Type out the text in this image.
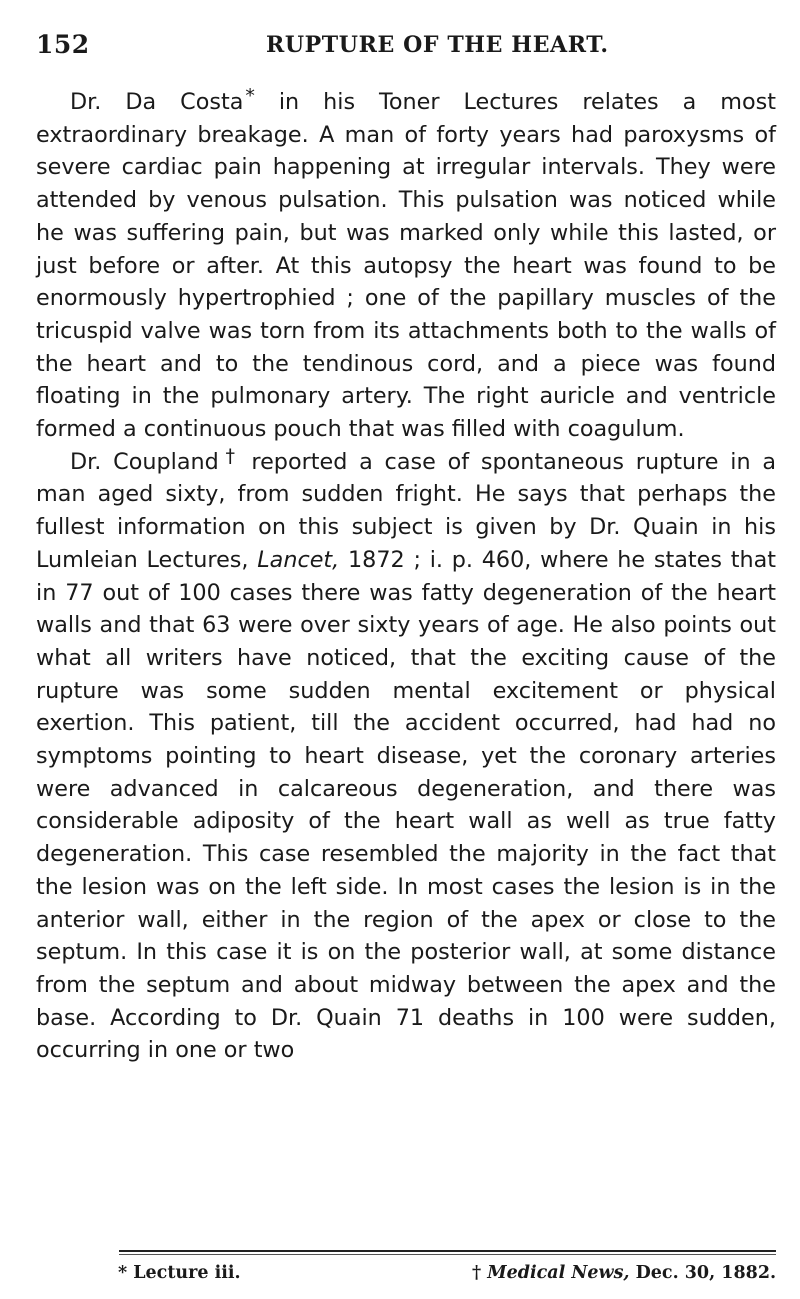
152	RUPTURE OF THE HEART.

Dr. Da Costa * in his Toner Lectures relates a most extraordinary breakage. A man of forty years had paroxysms of severe cardiac pain happening at irregular intervals. They were attended by venous pulsation. This pulsation was noticed while he was suffering pain, but was marked only while this lasted, or just before or after. At this autopsy the heart was found to be enormously hypertrophied ; one of the papillary muscles of the tricuspid valve was torn from its attachments both to the walls of the heart and to the tendinous cord, and a piece was found floating in the pulmonary artery. The right auricle and ventricle formed a continuous pouch that was filled with coagulum.

Dr. Coupland † reported a case of spontaneous rupture in a man aged sixty, from sudden fright. He says that perhaps the fullest information on this subject is given by Dr. Quain in his Lumleian Lectures, Lancet, 1872 ; i. p. 460, where he states that in 77 out of 100 cases there was fatty degeneration of the heart walls and that 63 were over sixty years of age. He also points out what all writers have noticed, that the exciting cause of the rupture was some sudden mental excitement or physical exertion. This patient, till the accident occurred, had had no symptoms pointing to heart disease, yet the coronary arteries were advanced in calcareous degeneration, and there was considerable adiposity of the heart wall as well as true fatty degeneration. This case resembled the majority in the fact that the lesion was on the left side. In most cases the lesion is in the anterior wall, either in the region of the apex or close to the septum. In this case it is on the posterior wall, at some distance from the septum and about midway between the apex and the base. According to Dr. Quain 71 deaths in 100 were sudden, occurring in one or two

* Lecture iii.	† Medical News, Dec. 30, 1882.
